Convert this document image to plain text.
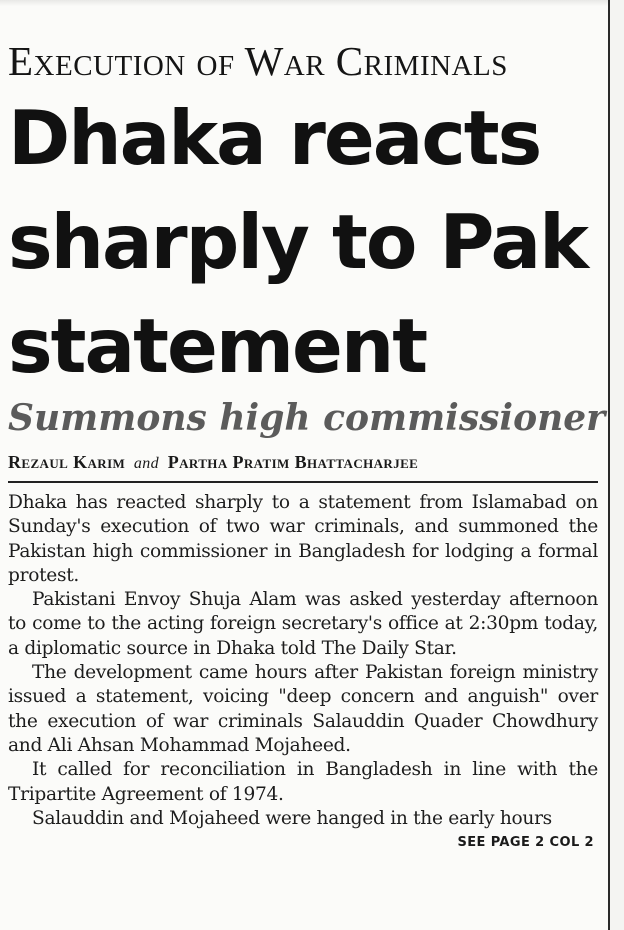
Execution of War Criminals
Dhaka reacts
sharply to Pak
statement
Summons high commissioner
Rezaul Karim and Partha Pratim Bhattacharjee

Dhaka has reacted sharply to a statement from Islamabad on Sunday's execution of two war criminals, and summoned the Pakistan high commissioner in Bangladesh for lodging a formal protest.

Pakistani Envoy Shuja Alam was asked yesterday afternoon to come to the acting foreign secretary's office at 2:30pm today, a diplomatic source in Dhaka told The Daily Star.

The development came hours after Pakistan foreign ministry issued a statement, voicing "deep concern and anguish" over the execution of war criminals Salauddin Quader Chowdhury and Ali Ahsan Mohammad Mojaheed.

It called for reconciliation in Bangladesh in line with the Tripartite Agreement of 1974.

Salauddin and Mojaheed were hanged in the early hours

SEE PAGE 2 COL 2
